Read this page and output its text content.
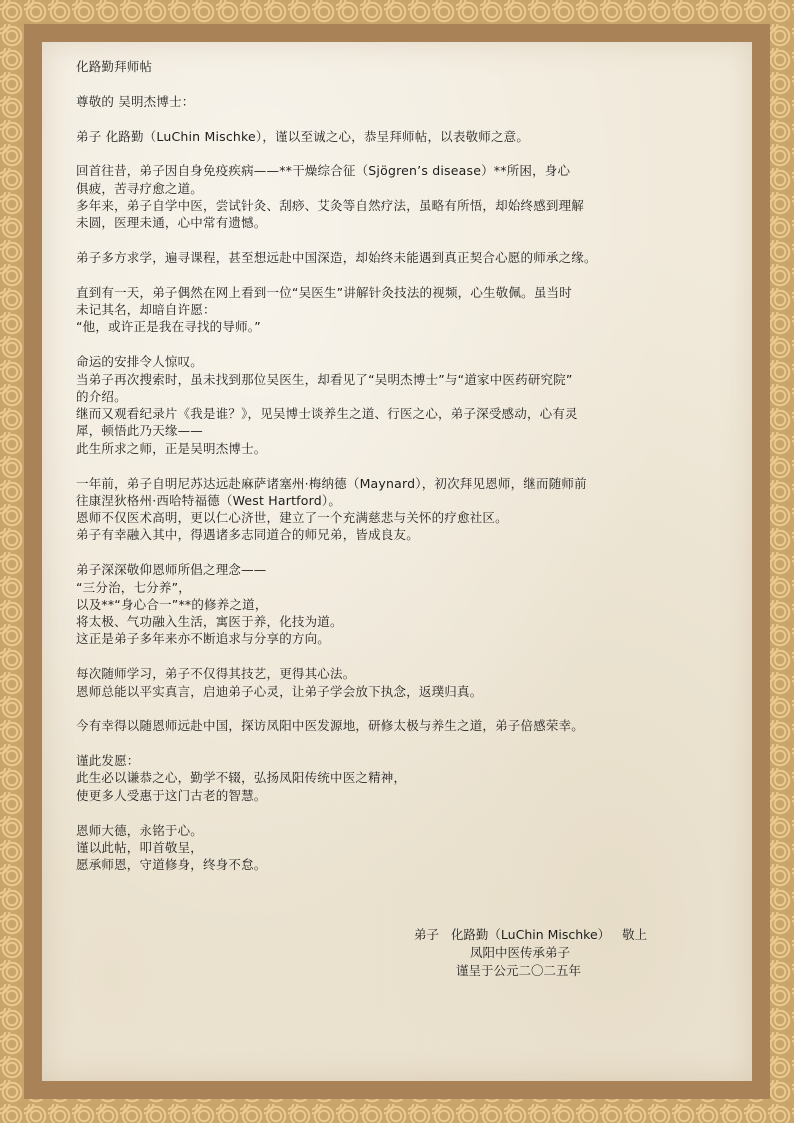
化路勤拜师帖
尊敬的 吴明杰博士：
弟子 化路勤（LuChin Mischke），谨以至诚之心，恭呈拜师帖，以表敬师之意。
回首往昔，弟子因自身免疫疾病——**干燥综合征（Sjögren’s disease）**所困，身心
俱疲，苦寻疗愈之道。
多年来，弟子自学中医，尝试针灸、刮痧、艾灸等自然疗法，虽略有所悟，却始终感到理解
未圆，医理未通，心中常有遗憾。
弟子多方求学，遍寻课程，甚至想远赴中国深造，却始终未能遇到真正契合心愿的师承之缘。
直到有一天，弟子偶然在网上看到一位“吴医生”讲解针灸技法的视频，心生敬佩。虽当时
未记其名，却暗自许愿：
“他，或许正是我在寻找的导师。”
命运的安排令人惊叹。
当弟子再次搜索时，虽未找到那位吴医生，却看见了“吴明杰博士”与“道家中医药研究院”
的介绍。
继而又观看纪录片《我是谁？》，见吴博士谈养生之道、行医之心，弟子深受感动，心有灵
犀，顿悟此乃天缘——
此生所求之师，正是吴明杰博士。
一年前，弟子自明尼苏达远赴麻萨诸塞州·梅纳德（Maynard），初次拜见恩师，继而随师前
往康涅狄格州·西哈特福德（West Hartford）。
恩师不仅医术高明，更以仁心济世，建立了一个充满慈悲与关怀的疗愈社区。
弟子有幸融入其中，得遇诸多志同道合的师兄弟，皆成良友。
弟子深深敬仰恩师所倡之理念——
“三分治，七分养”，
以及**“身心合一”**的修养之道，
将太极、气功融入生活，寓医于养，化技为道。
这正是弟子多年来亦不断追求与分享的方向。
每次随师学习，弟子不仅得其技艺，更得其心法。
恩师总能以平实真言，启迪弟子心灵，让弟子学会放下执念，返璞归真。
今有幸得以随恩师远赴中国，探访凤阳中医发源地，研修太极与养生之道，弟子倍感荣幸。
谨此发愿：
此生必以谦恭之心，勤学不辍，弘扬凤阳传统中医之精神，
使更多人受惠于这门古老的智慧。
恩师大德，永铭于心。
谨以此帖，叩首敬呈，
愿承师恩，守道修身，终身不怠。
弟子   化路勤（LuChin Mischke）   敬上
凤阳中医传承弟子
谨呈于公元二〇二五年
